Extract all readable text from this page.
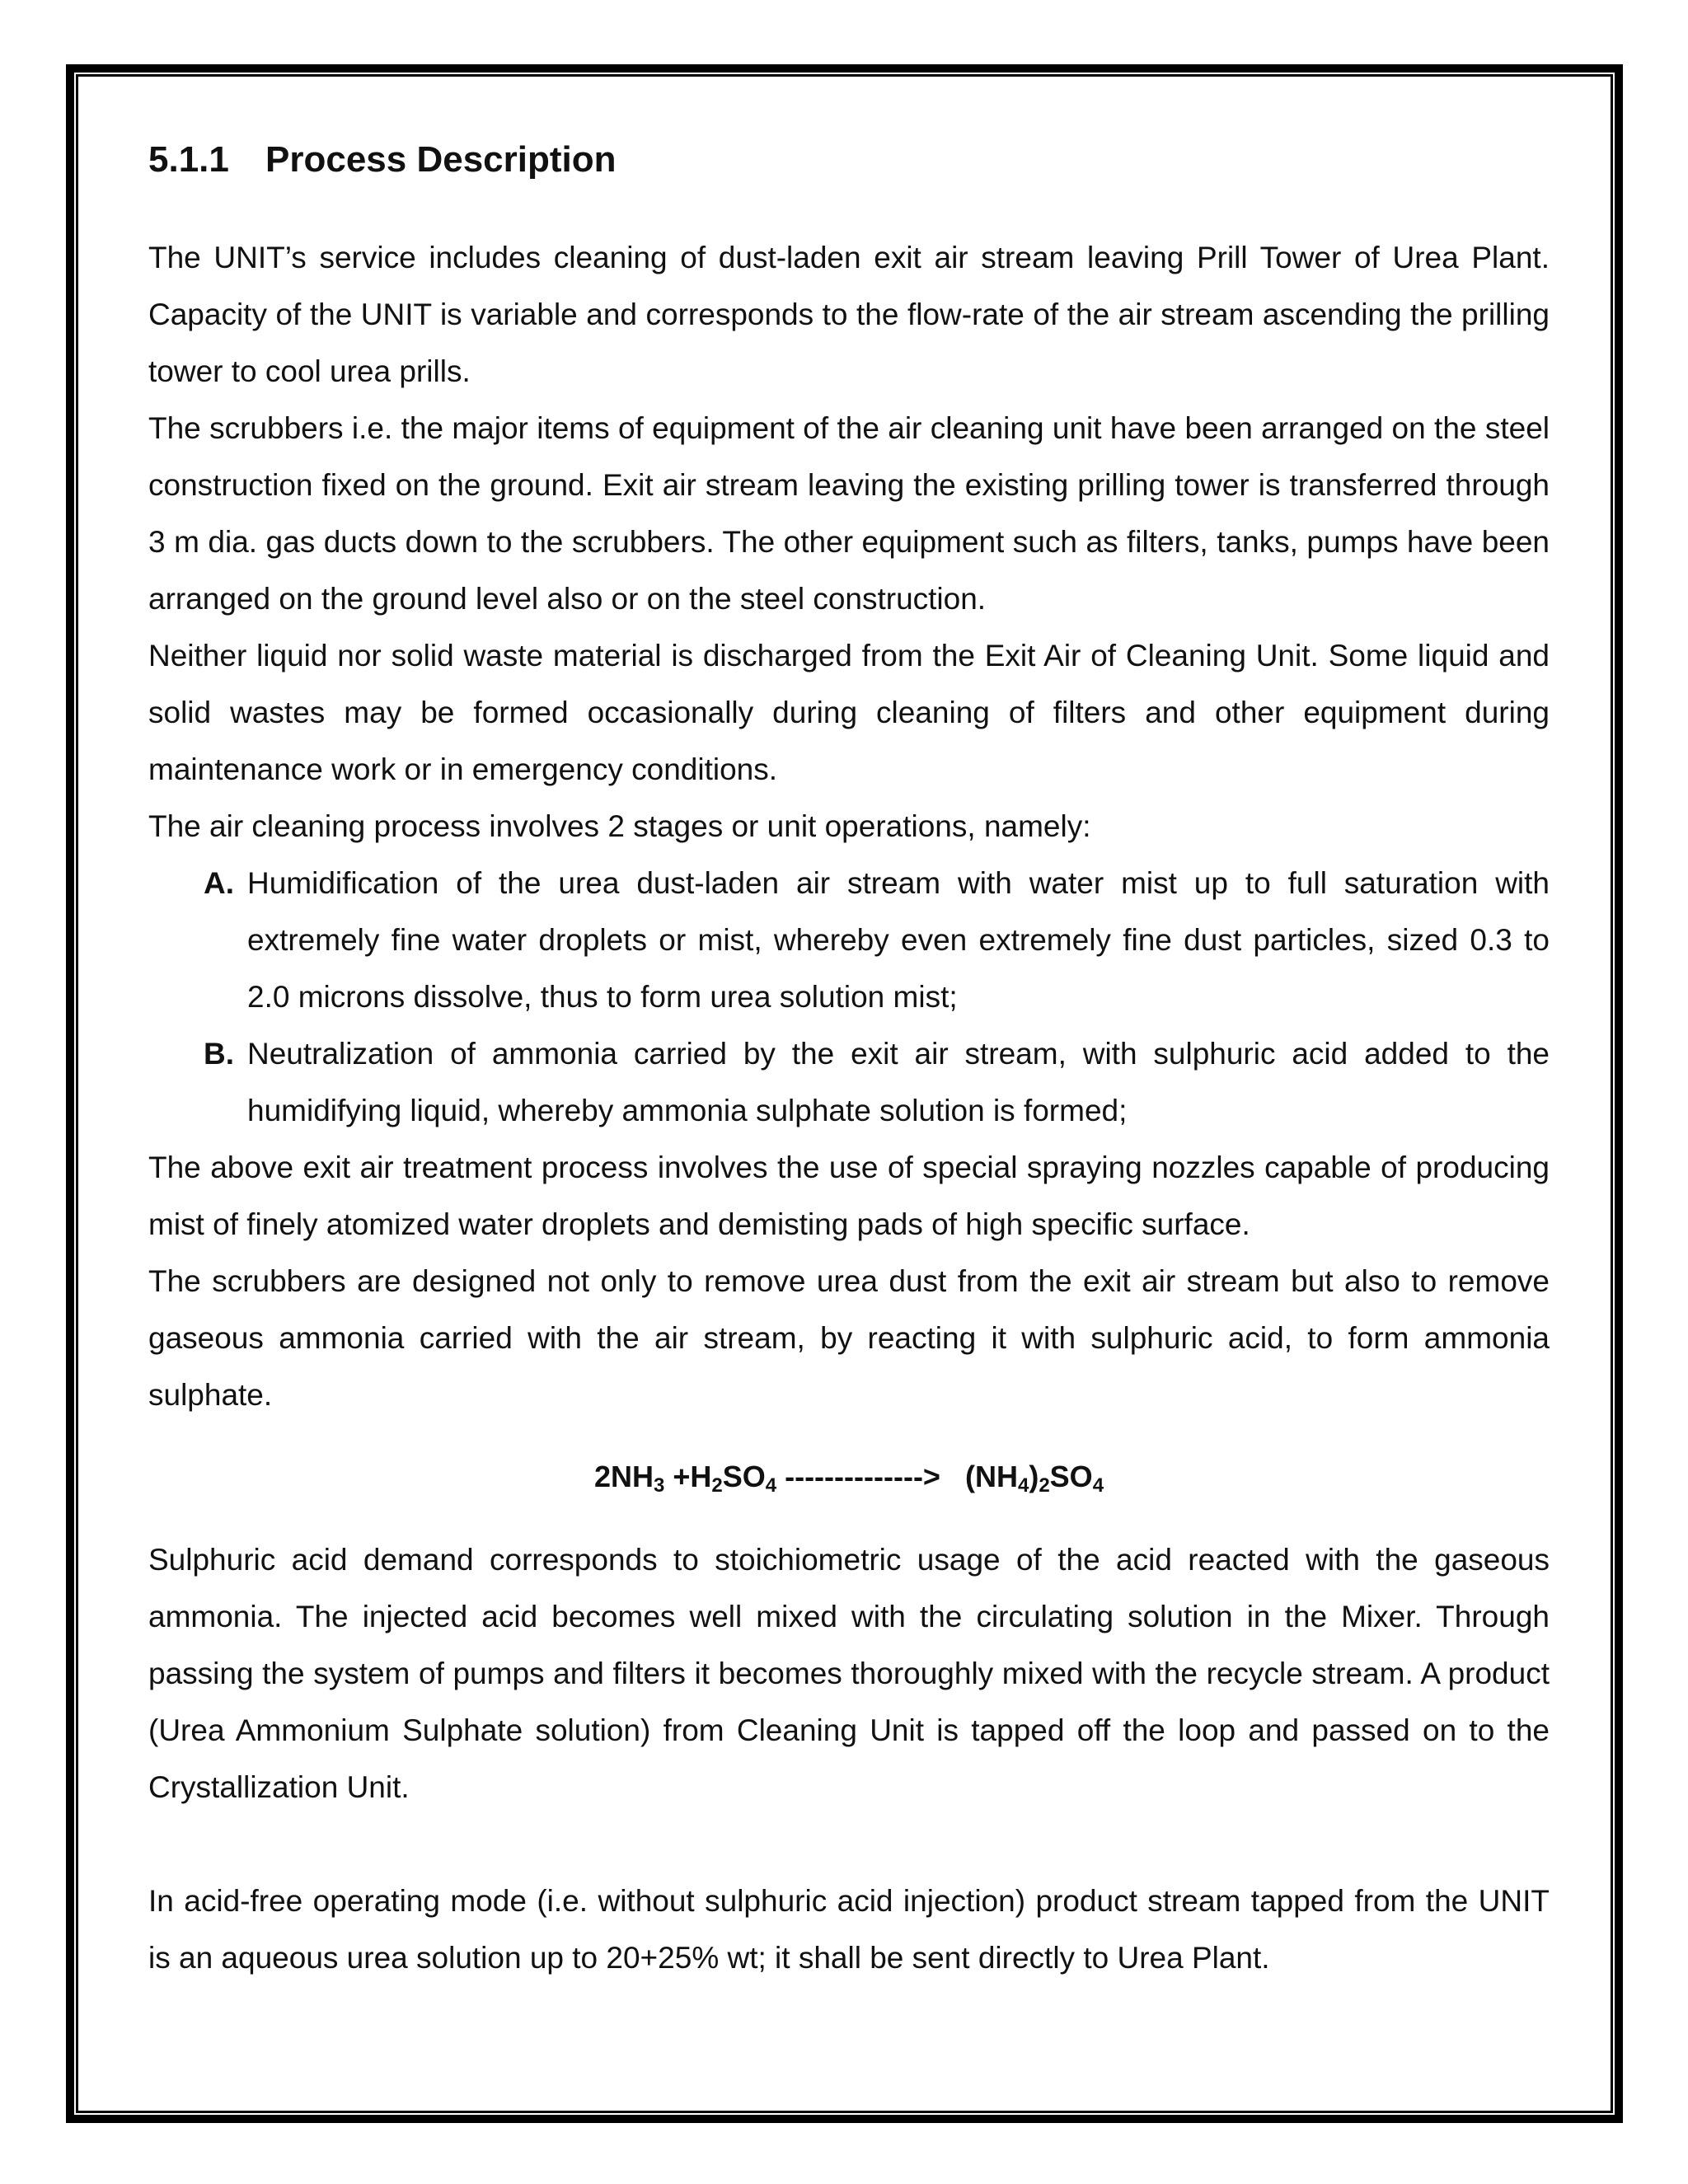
5.1.1 Process Description

The UNIT’s service includes cleaning of dust-laden exit air stream leaving Prill Tower of Urea Plant. Capacity of the UNIT is variable and corresponds to the flow-rate of the air stream ascending the prilling tower to cool urea prills.

The scrubbers i.e. the major items of equipment of the air cleaning unit have been arranged on the steel construction fixed on the ground. Exit air stream leaving the existing prilling tower is transferred through 3 m dia. gas ducts down to the scrubbers. The other equipment such as filters, tanks, pumps have been arranged on the ground level also or on the steel construction.

Neither liquid nor solid waste material is discharged from the Exit Air of Cleaning Unit. Some liquid and solid wastes may be formed occasionally during cleaning of filters and other equipment during maintenance work or in emergency conditions.

The air cleaning process involves 2 stages or unit operations, namely:

A. Humidification of the urea dust-laden air stream with water mist up to full saturation with extremely fine water droplets or mist, whereby even extremely fine dust particles, sized 0.3 to 2.0 microns dissolve, thus to form urea solution mist;
B. Neutralization of ammonia carried by the exit air stream, with sulphuric acid added to the humidifying liquid, whereby ammonia sulphate solution is formed;

The above exit air treatment process involves the use of special spraying nozzles capable of producing mist of finely atomized water droplets and demisting pads of high specific surface.

The scrubbers are designed not only to remove urea dust from the exit air stream but also to remove gaseous ammonia carried with the air stream, by reacting it with sulphuric acid, to form ammonia sulphate.

$2NH_3 +H_2SO_4$ -------------->   $(NH_4)_2SO_4$

Sulphuric acid demand corresponds to stoichiometric usage of the acid reacted with the gaseous ammonia. The injected acid becomes well mixed with the circulating solution in the Mixer. Through passing the system of pumps and filters it becomes thoroughly mixed with the recycle stream. A product (Urea Ammonium Sulphate solution) from Cleaning Unit is tapped off the loop and passed on to the Crystallization Unit.

In acid-free operating mode (i.e. without sulphuric acid injection) product stream tapped from the UNIT is an aqueous urea solution up to 20+25% wt; it shall be sent directly to Urea Plant.
